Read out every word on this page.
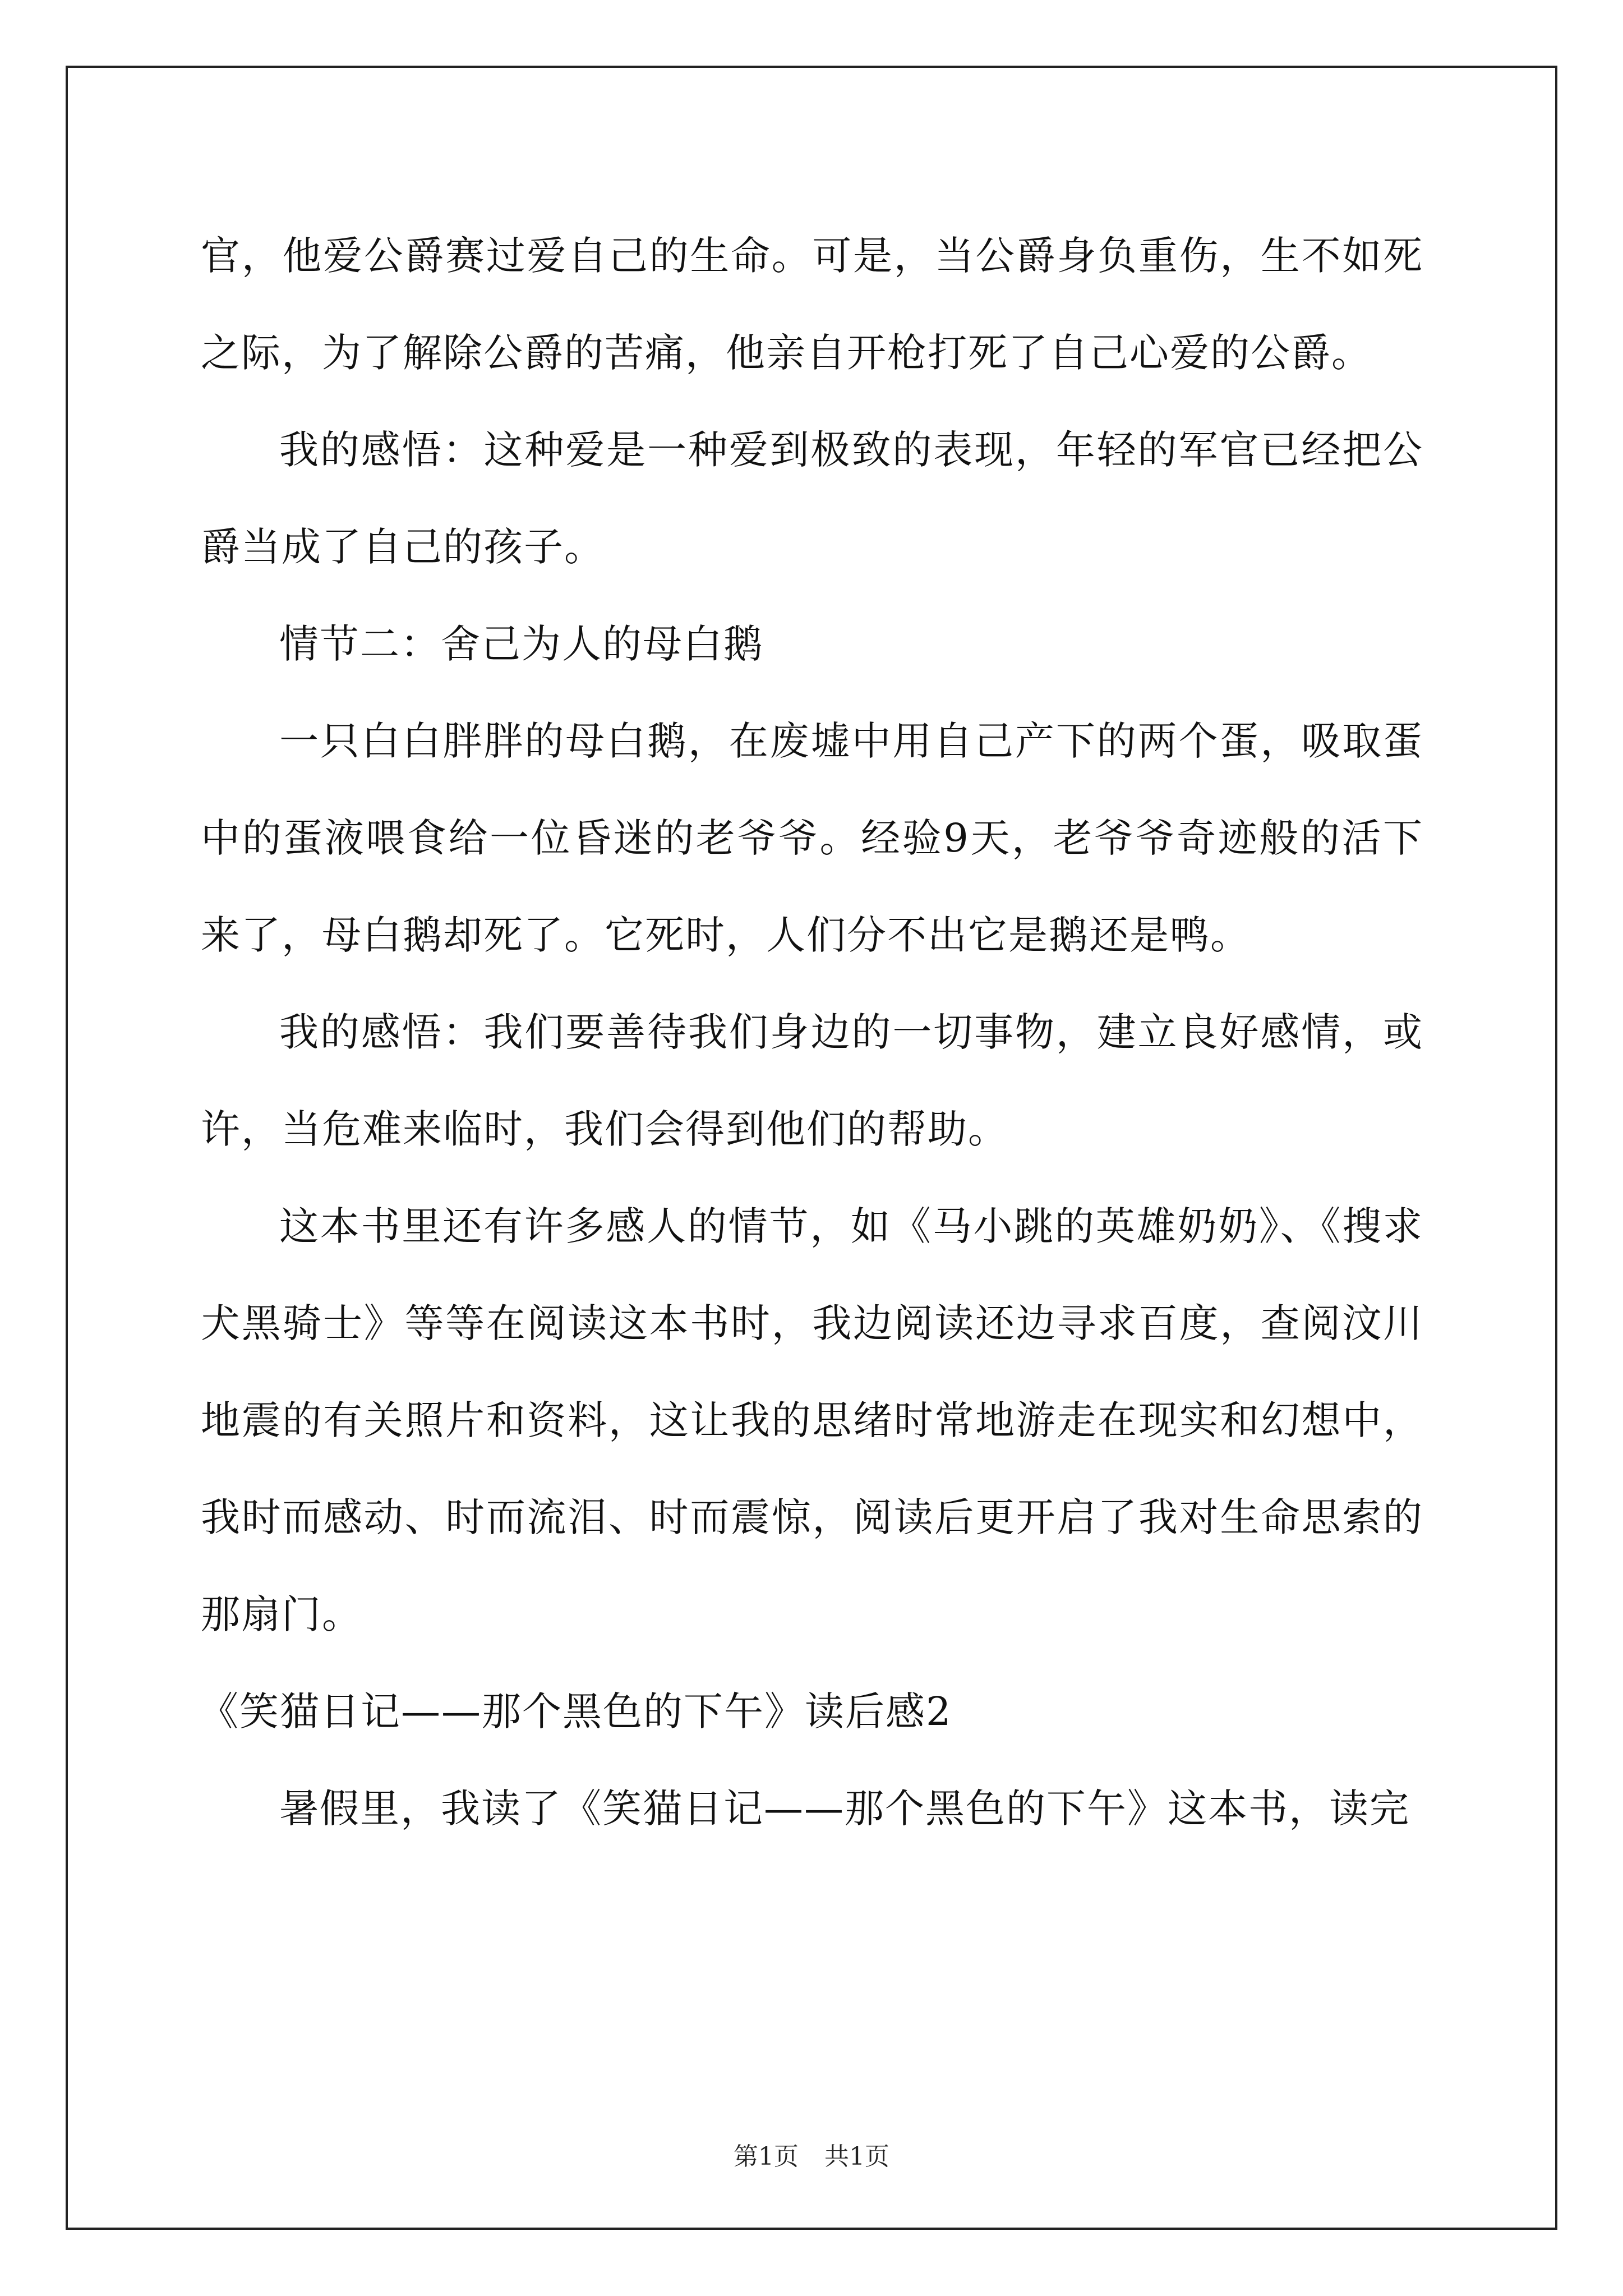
官，他爱公爵赛过爱自己的生命。可是，当公爵身负重伤，生不如死之际，为了解除公爵的苦痛，他亲自开枪打死了自己心爱的公爵。

我的感悟：这种爱是一种爱到极致的表现，年轻的军官已经把公爵当成了自己的孩子。

情节二：舍己为人的母白鹅

一只白白胖胖的母白鹅，在废墟中用自己产下的两个蛋，吸取蛋中的蛋液喂食给一位昏迷的老爷爷。经验9天，老爷爷奇迹般的活下来了，母白鹅却死了。它死时，人们分不出它是鹅还是鸭。

我的感悟：我们要善待我们身边的一切事物，建立良好感情，或许，当危难来临时，我们会得到他们的帮助。

这本书里还有许多感人的情节，如《马小跳的英雄奶奶》、《搜求犬黑骑士》等等在阅读这本书时，我边阅读还边寻求百度，查阅汶川地震的有关照片和资料，这让我的思绪时常地游走在现实和幻想中，我时而感动、时而流泪、时而震惊，阅读后更开启了我对生命思索的那扇门。

《笑猫日记——那个黑色的下午》读后感2

暑假里，我读了《笑猫日记——那个黑色的下午》这本书，读完

第1页 共1页
